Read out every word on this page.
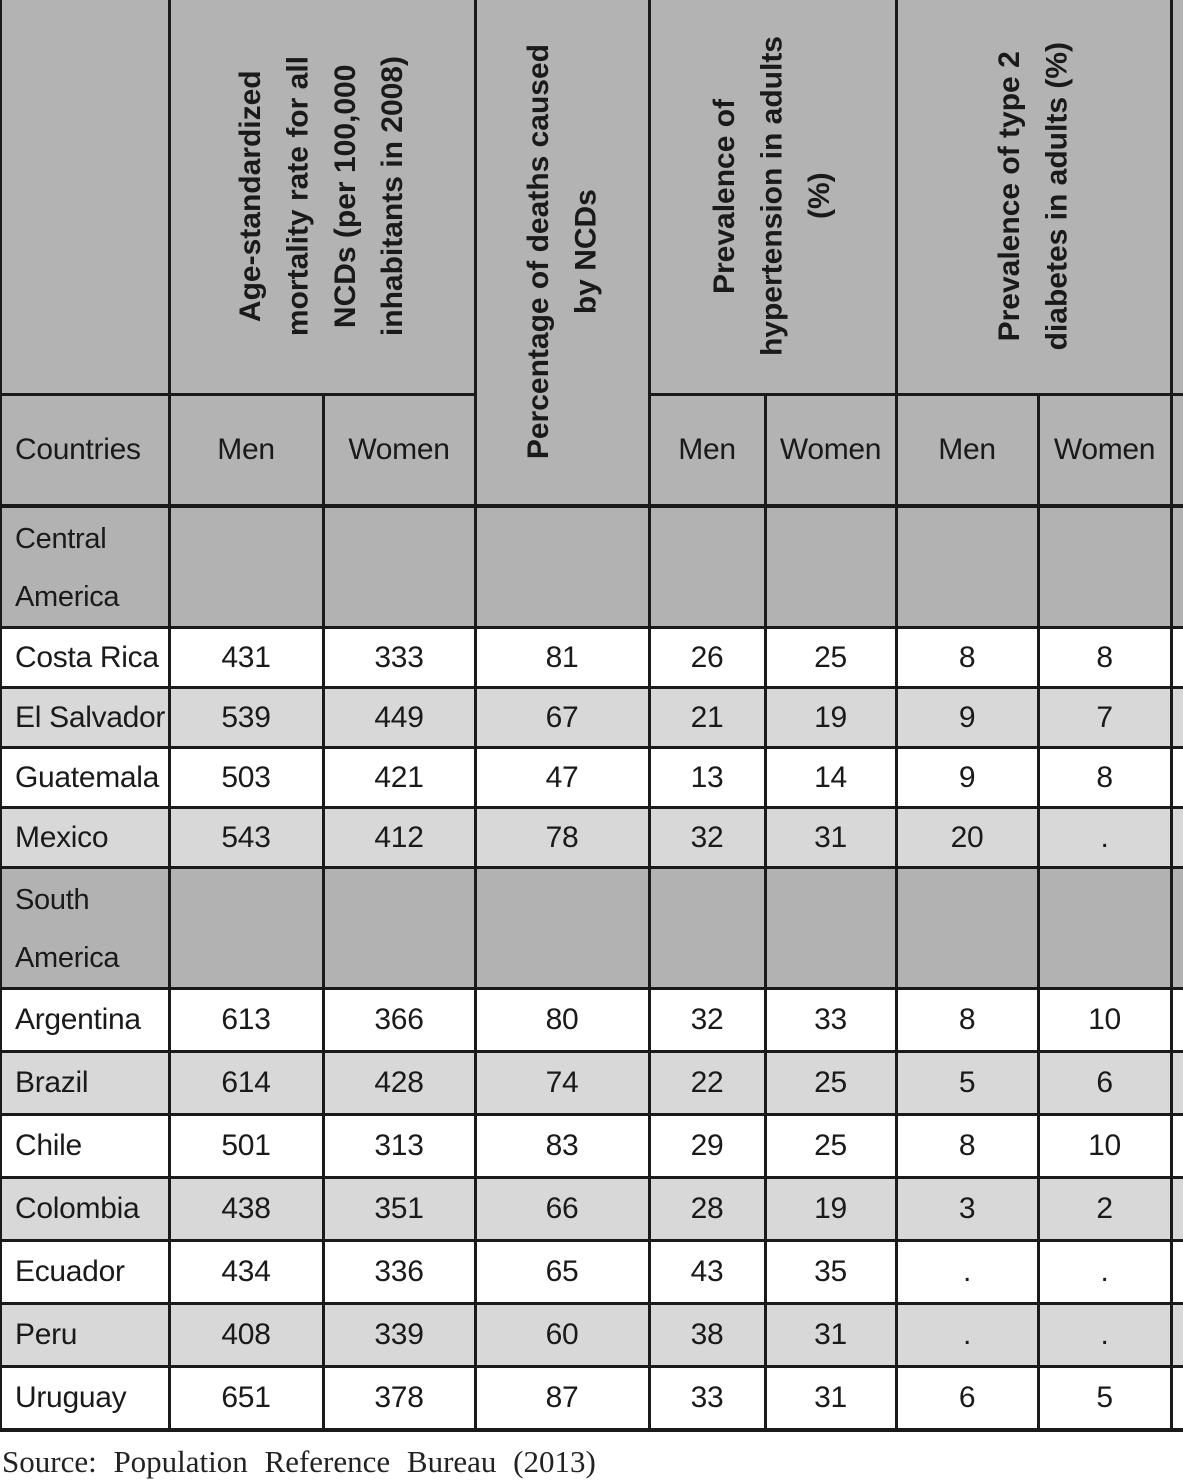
Age-standardized mortality rate for all NCDs (per 100,000 inhabitants in 2008)	Percentage of deaths caused by NCDs	Prevalence of hypertension in adults (%)	Prevalence of type 2 diabetes in adults (%)

Countries	Men	Women		Men	Women	Men	Women	
Central America								
Costa Rica	431	333	81	26	25	8	8	
El Salvador	539	449	67	21	19	9	7	
Guatemala	503	421	47	13	14	9	8	
Mexico	543	412	78	32	31	20	.	
South America								
Argentina	613	366	80	32	33	8	10	
Brazil	614	428	74	22	25	5	6	
Chile	501	313	83	29	25	8	10	
Colombia	438	351	66	28	19	3	2	
Ecuador	434	336	65	43	35	.	.	
Peru	408	339	60	38	31	.	.	
Uruguay	651	378	87	33	31	6	5	
Source: Population Reference Bureau (2013)
